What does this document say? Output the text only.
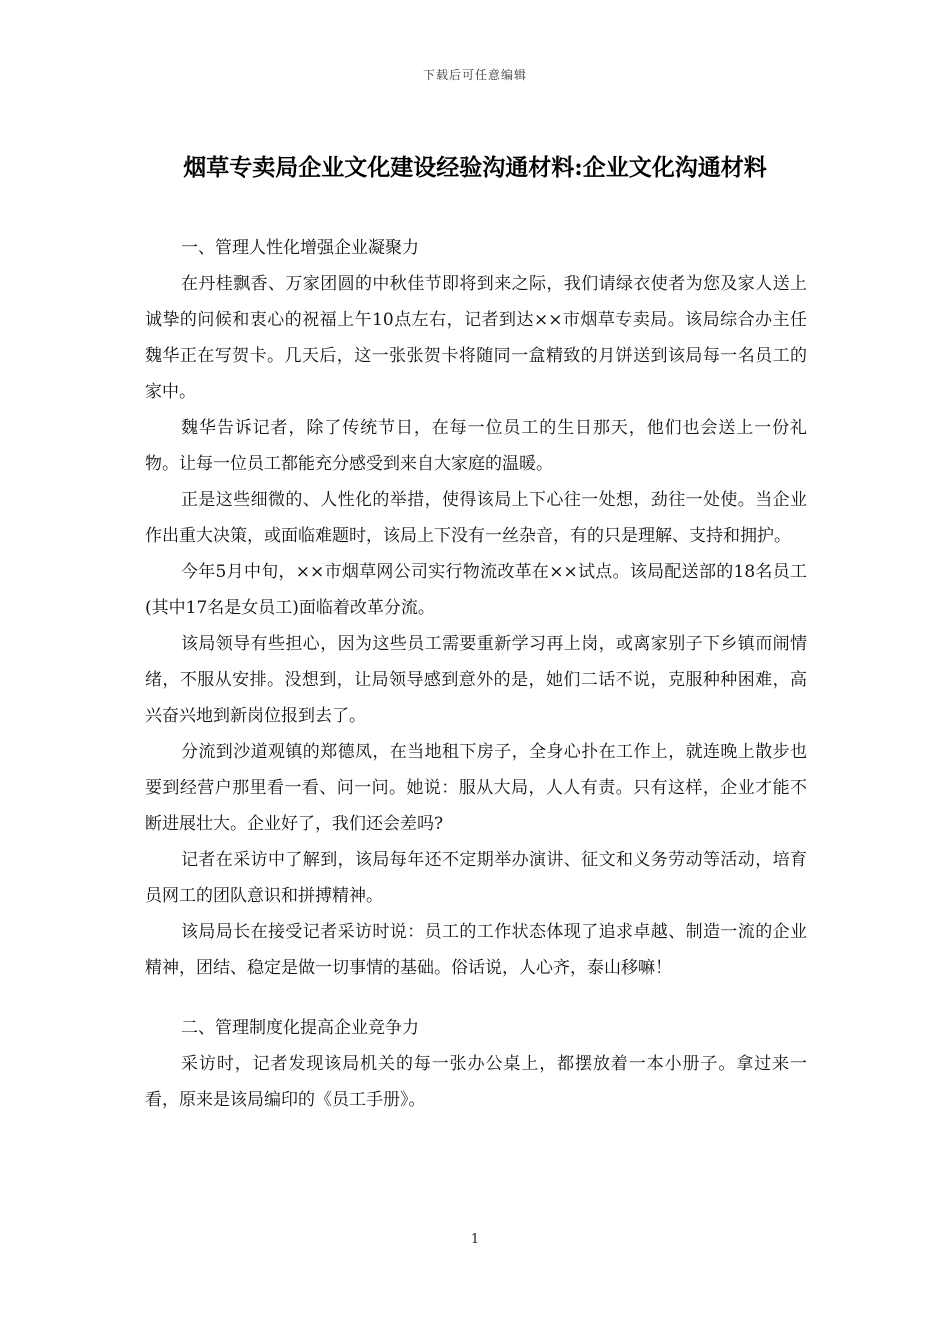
下载后可任意编辑
烟草专卖局企业文化建设经验沟通材料:企业文化沟通材料

一、管理人性化增强企业凝聚力

在丹桂飘香、万家团圆的中秋佳节即将到来之际，我们请绿衣使者为您及家人送上诚挚的问候和衷心的祝福上午10点左右，记者到达××市烟草专卖局。该局综合办主任魏华正在写贺卡。几天后，这一张张贺卡将随同一盒精致的月饼送到该局每一名员工的家中。

魏华告诉记者，除了传统节日，在每一位员工的生日那天，他们也会送上一份礼物。让每一位员工都能充分感受到来自大家庭的温暖。

正是这些细微的、人性化的举措，使得该局上下心往一处想，劲往一处使。当企业作出重大决策，或面临难题时，该局上下没有一丝杂音，有的只是理解、支持和拥护。

今年5月中旬，××市烟草网公司实行物流改革在××试点。该局配送部的18名员工(其中17名是女员工)面临着改革分流。

该局领导有些担心，因为这些员工需要重新学习再上岗，或离家别子下乡镇而闹情绪，不服从安排。没想到，让局领导感到意外的是，她们二话不说，克服种种困难，高兴奋兴地到新岗位报到去了。

分流到沙道观镇的郑德凤，在当地租下房子，全身心扑在工作上，就连晚上散步也要到经营户那里看一看、问一问。她说：服从大局，人人有责。只有这样，企业才能不断进展壮大。企业好了，我们还会差吗?

记者在采访中了解到，该局每年还不定期举办演讲、征文和义务劳动等活动，培育员网工的团队意识和拼搏精神。

该局局长在接受记者采访时说：员工的工作状态体现了追求卓越、制造一流的企业精神，团结、稳定是做一切事情的基础。俗话说，人心齐，泰山移嘛！

二、管理制度化提高企业竞争力

采访时，记者发现该局机关的每一张办公桌上，都摆放着一本小册子。拿过来一看，原来是该局编印的《员工手册》。

1
